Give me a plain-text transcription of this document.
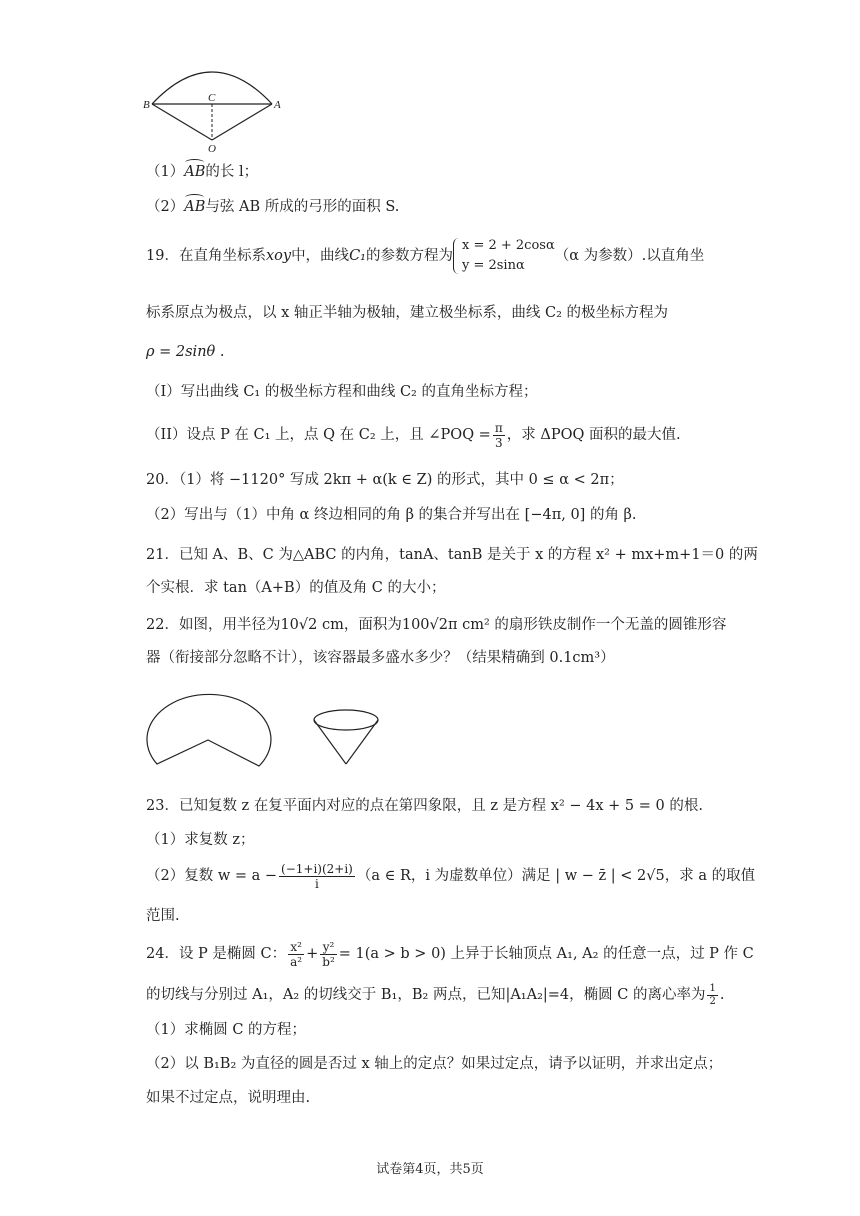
B
C
A
O
（1）AB的长 l；
（2）AB与弦 AB 所成的弓形的面积 S.
19．在直角坐标系xoy中，曲线C₁的参数方程为
x = 2 + 2cosα
y = 2sinα
（α 为参数）.以直角坐
标系原点为极点，以 x 轴正半轴为极轴，建立极坐标系，曲线 C₂ 的极坐标方程为
ρ = 2sinθ .
（I）写出曲线 C₁ 的极坐标方程和曲线 C₂ 的直角坐标方程；
（II）设点 P 在 C₁ 上，点 Q 在 C₂ 上，且 ∠POQ = $\frac{\pi}{3}$ ，求 ΔPOQ 面积的最大值.
20．（1）将 −1120° 写成 2kπ + α(k ∈ Z) 的形式，其中 0 ≤ α < 2π；
（2）写出与（1）中角 α 终边相同的角 β 的集合并写出在 [−4π, 0] 的角 β.
21．已知 A、B、C 为△ABC 的内角，tanA、tanB 是关于 x 的方程 x² + mx+m+1＝0 的两
个实根．求 tan（A+B）的值及角 C 的大小；
22．如图，用半径为10√2 cm，面积为100√2π cm² 的扇形铁皮制作一个无盖的圆锥形容
器（衔接部分忽略不计），该容器最多盛水多少？（结果精确到 0.1cm³）
23．已知复数 z 在复平面内对应的点在第四象限，且 z 是方程 x² − 4x + 5 = 0 的根.
（1）求复数 z；
（2）复数 $w = a - \frac{(-1+i)(2+i)}{i} (a$ ∈ R，i 为虚数单位）满足 | w − z̄ | < 2√5，求 a 的取值
范围.
24．设 P 是椭圆 C： $\frac{\text{x²}}{\text{a²}} + \frac{\text{y²}}{\text{b²}} = 1(a > b > 0)$ 上异于长轴顶点 A₁, A₂ 的任意一点，过 P 作 C
的切线与分别过 A₁，A₂ 的切线交于 B₁，B₂ 两点，已知|A₁A₂|=4，椭圆 C 的离心率为 $\frac{1}{2}$ .
（1）求椭圆 C 的方程；
（2）以 B₁B₂ 为直径的圆是否过 x 轴上的定点？如果过定点，请予以证明，并求出定点；
如果不过定点，说明理由.
试卷第4页，共5页
